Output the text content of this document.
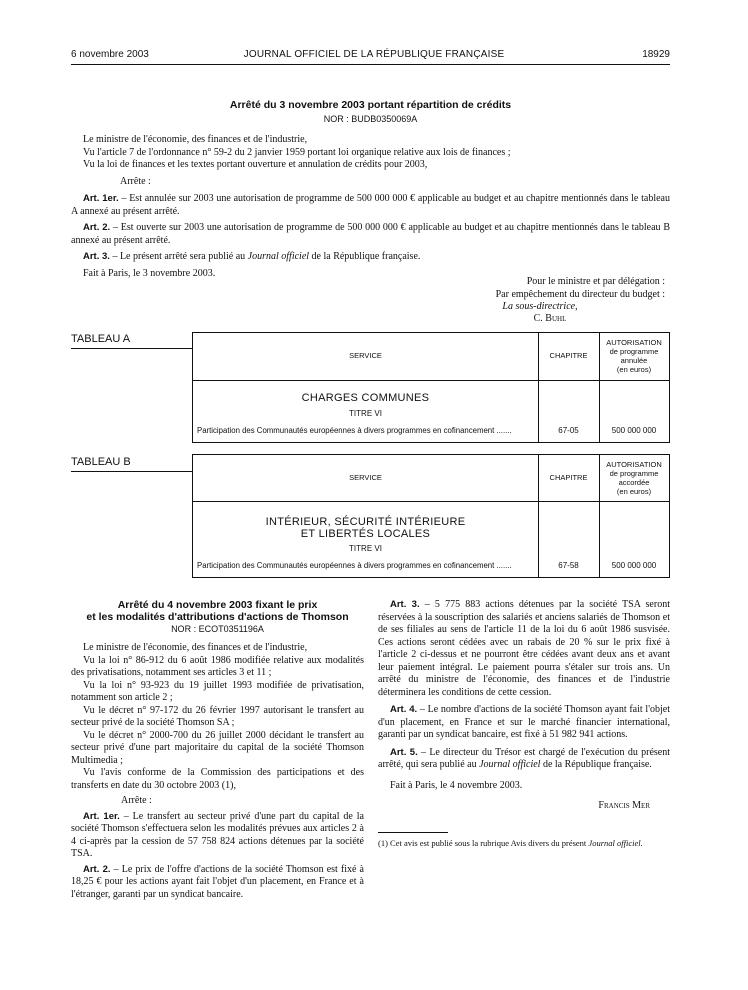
6 novembre 2003	JOURNAL OFFICIEL DE LA RÉPUBLIQUE FRANÇAISE	18929
Arrêté du 3 novembre 2003 portant répartition de crédits
NOR : BUDB0350069A

Le ministre de l'économie, des finances et de l'industrie,

Vu l'article 7 de l'ordonnance n° 59-2 du 2 janvier 1959 portant loi organique relative aux lois de finances ;

Vu la loi de finances et les textes portant ouverture et annulation de crédits pour 2003,

Arrête :

Art. 1er. – Est annulée sur 2003 une autorisation de programme de 500 000 000 € applicable au budget et au chapitre mentionnés dans le tableau A annexé au présent arrêté.

Art. 2. – Est ouverte sur 2003 une autorisation de programme de 500 000 000 € applicable au budget et au chapitre mentionnés dans le tableau B annexé au présent arrêté.

Art. 3. – Le présent arrêté sera publié au Journal officiel de la République française.

Fait à Paris, le 3 novembre 2003.

Pour le ministre et par délégation :

Par empêchement du directeur du budget :

La sous-directrice,
C. Buhl
TABLEAU A
SERVICE	CHAPITRE
AUTORISATION
de programme
annulée
(en euros)
CHARGES COMMUNES
TITRE VI
Participation des Communautés européennes à divers programmes en cofinancement .......	67-05	500 000 000
TABLEAU B
SERVICE	CHAPITRE
AUTORISATION
de programme
accordée
(en euros)
INTÉRIEUR, SÉCURITÉ INTÉRIEURE
ET LIBERTÉS LOCALES
TITRE VI
Participation des Communautés européennes à divers programmes en cofinancement .......	67-58	500 000 000
Arrêté du 4 novembre 2003 fixant le prix
et les modalités d'attributions d'actions de Thomson
NOR : ECOT0351196A

Le ministre de l'économie, des finances et de l'industrie,

Vu la loi n° 86-912 du 6 août 1986 modifiée relative aux modalités des privatisations, notamment ses articles 3 et 11 ;

Vu la loi n° 93-923 du 19 juillet 1993 modifiée de privatisation, notamment son article 2 ;

Vu le décret n° 97-172 du 26 février 1997 autorisant le transfert au secteur privé de la société Thomson SA ;

Vu le décret n° 2000-700 du 26 juillet 2000 décidant le transfert au secteur privé d'une part majoritaire du capital de la société Thomson Multimedia ;

Vu l'avis conforme de la Commission des participations et des transferts en date du 30 octobre 2003 (1),

Arrête :

Art. 1er. – Le transfert au secteur privé d'une part du capital de la société Thomson s'effectuera selon les modalités prévues aux articles 2 à 4 ci-après par la cession de 57 758 824 actions détenues par la société TSA.

Art. 2. – Le prix de l'offre d'actions de la société Thomson est fixé à 18,25 € pour les actions ayant fait l'objet d'un placement, en France et à l'étranger, garanti par un syndicat bancaire.

Art. 3. – 5 775 883 actions détenues par la société TSA seront réservées à la souscription des salariés et anciens salariés de Thomson et de ses filiales au sens de l'article 11 de la loi du 6 août 1986 susvisée. Ces actions seront cédées avec un rabais de 20 % sur le prix fixé à l'article 2 ci-dessus et ne pourront être cédées avant deux ans et avant leur paiement intégral. Le paiement pourra s'étaler sur trois ans. Un arrêté du ministre de l'économie, des finances et de l'industrie déterminera les conditions de cette cession.

Art. 4. – Le nombre d'actions de la société Thomson ayant fait l'objet d'un placement, en France et sur le marché financier international, garanti par un syndicat bancaire, est fixé à 51 982 941 actions.

Art. 5. – Le directeur du Trésor est chargé de l'exécution du présent arrêté, qui sera publié au Journal officiel de la République française.

Fait à Paris, le 4 novembre 2003.

Francis Mer

(1) Cet avis est publié sous la rubrique Avis divers du présent Journal officiel.
